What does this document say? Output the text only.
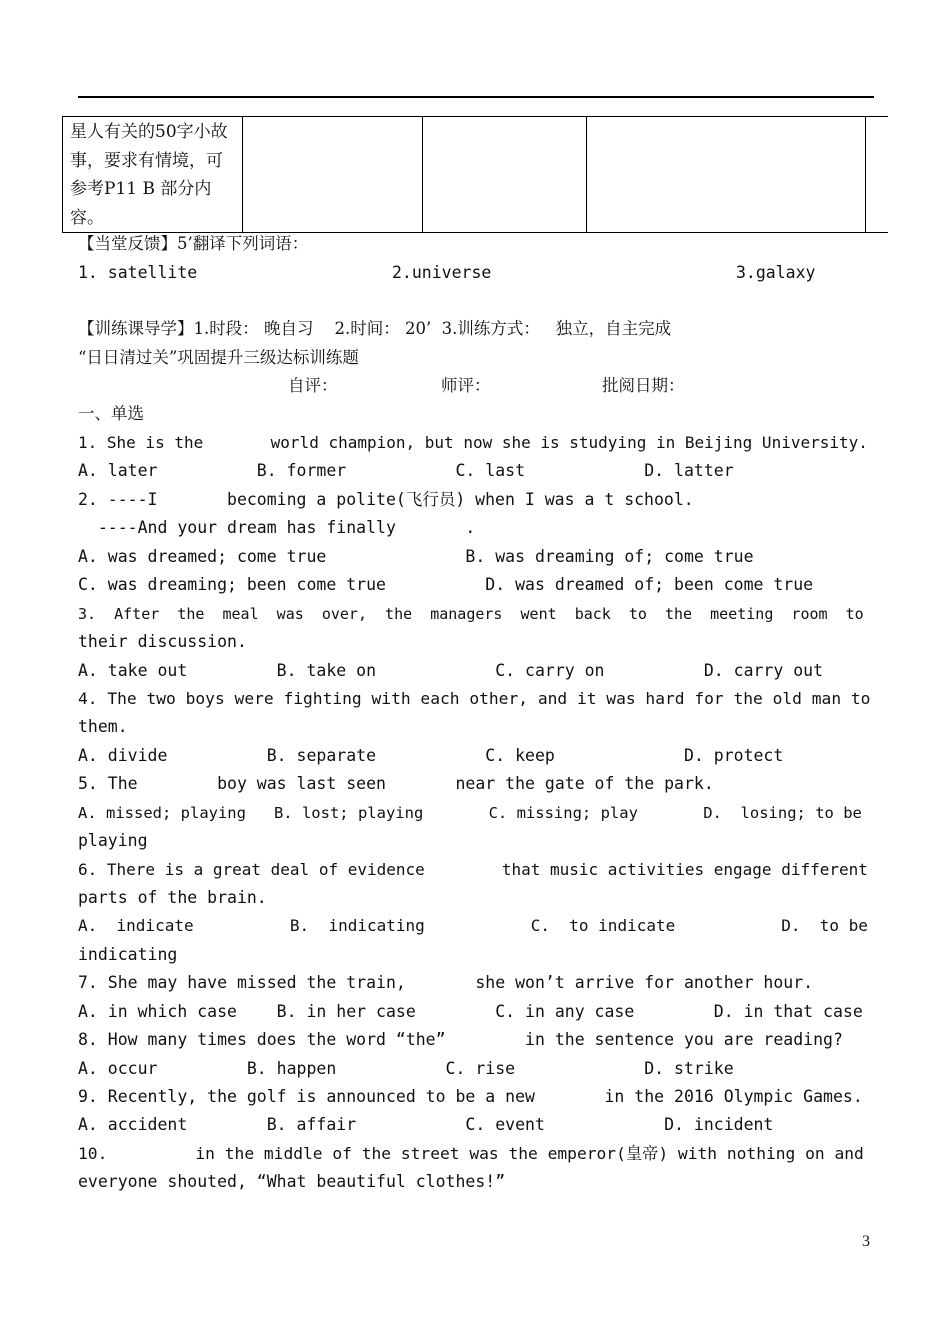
星人有关的50字小故事，要求有情境，可参考P11 B 部分内容。

【当堂反馈】5’翻译下列词语：
1. satellite	2.universe	3.galaxy
【训练课导学】1.时段： 晚自习    2.时间： 20’  3.训练方式：   独立，自主完成
“日日清过关”巩固提升三级达标训练题
自评：	师评：	批阅日期：
一、单选
1. She is the       world champion, but now she is studying in Beijing University.
A. later          B. former           C. last            D. latter
2. ----I       becoming a polite(飞行员) when I was a t school.
----And your dream has finally       .
A. was dreamed; come true              B. was dreaming of; come true
C. was dreaming; been come true          D. was dreamed of; been come true
3.  After  the  meal  was  over,  the  managers  went  back  to  the  meeting  room  to
their discussion.
A. take out         B. take on            C. carry on          D. carry out
4. The two boys were fighting with each other, and it was hard for the old man to
them.
A. divide          B. separate           C. keep             D. protect
5. The        boy was last seen       near the gate of the park.
A. missed; playing   B. lost; playing       C. missing; play       D.  losing; to be
playing
6. There is a great deal of evidence        that music activities engage different
parts of the brain.
A.  indicate          B.  indicating           C.  to indicate           D.  to be
indicating
7. She may have missed the train,       she won’t arrive for another hour.
A. in which case    B. in her case        C. in any case        D. in that case
8. How many times does the word “the”        in the sentence you are reading?
A. occur         B. happen           C. rise             D. strike
9. Recently, the golf is announced to be a new       in the 2016 Olympic Games.
A. accident        B. affair           C. event            D. incident
10.         in the middle of the street was the emperor(皇帝) with nothing on and
everyone shouted, “What beautiful clothes!”
3
